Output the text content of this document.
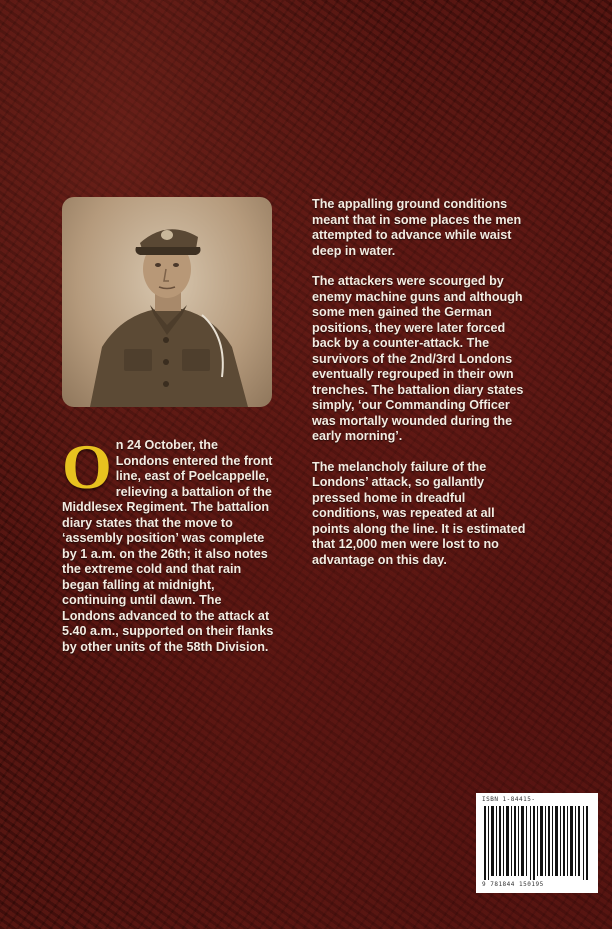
O n 24 October, the Londons entered the front line, east of Poelcappelle, relieving a battalion of the Middlesex Regiment. The battalion diary states that the move to ‘assembly position’ was complete by 1 a.m. on the 26th; it also notes the extreme cold and that rain began falling at midnight, continuing until dawn. The Londons advanced to the attack at 5.40 a.m., supported on their flanks by other units of the 58th Division.

The appalling ground conditions meant that in some places the men attempted to advance while waist deep in water.

The attackers were scourged by enemy machine guns and although some men gained the German positions, they were later forced back by a counter-attack. The survivors of the 2nd/3rd Londons eventually regrouped in their own trenches. The battalion diary states simply, ‘our Commanding Officer was mortally wounded during the early morning’.

The melancholy failure of the Londons’ attack, so gallantly pressed home in dreadful conditions, was repeated at all points along the line. It is estimated that 12,000 men were lost to no advantage on this day.

ISBN 1-84415-
9 781844 150195
